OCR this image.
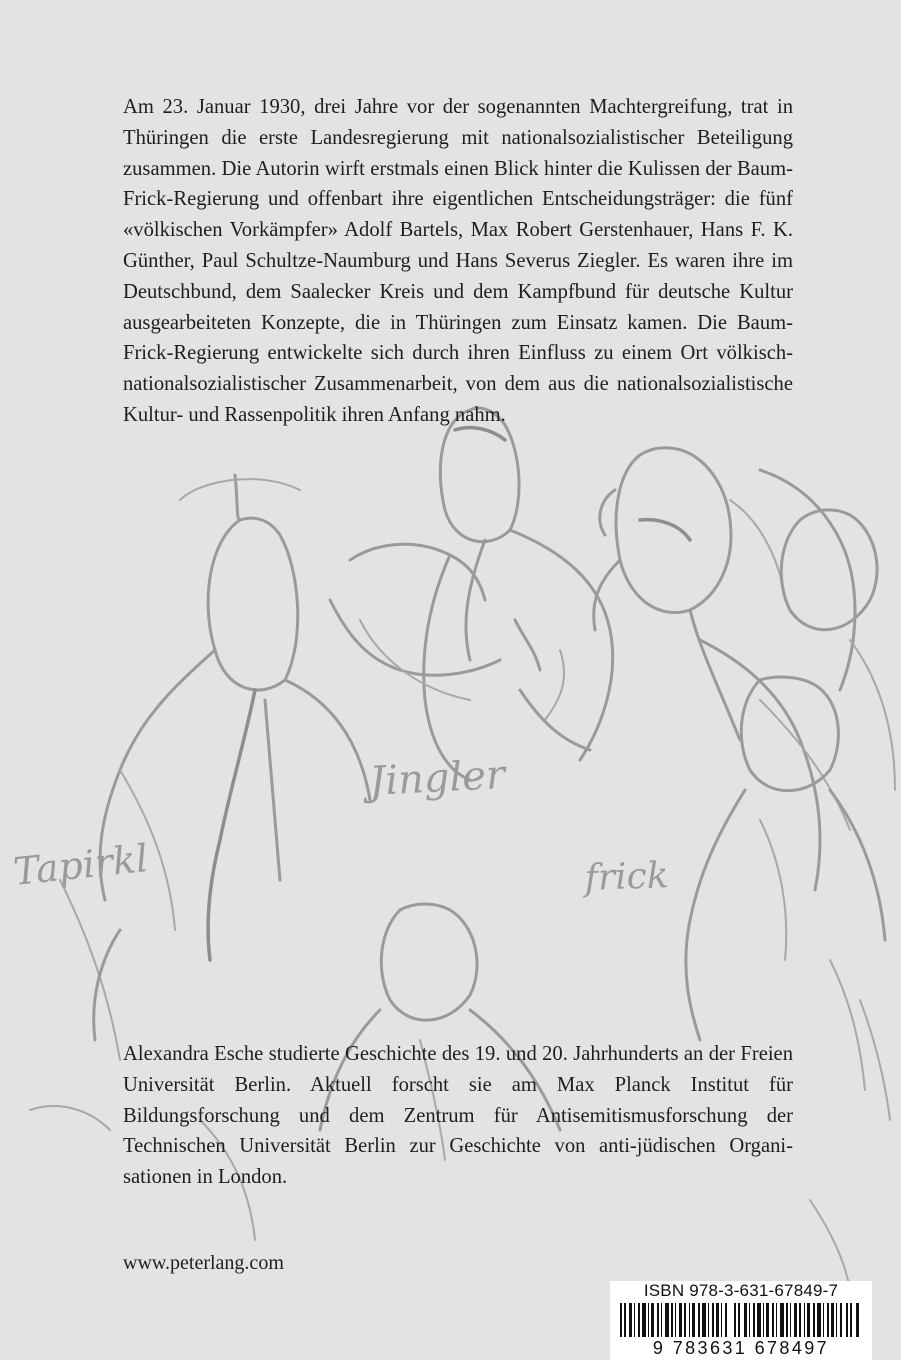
Jingler
Tapirkl	frick

Am 23. Januar 1930, drei Jahre vor der sogenannten Machtergreifung, trat in Thüringen die erste Landesregierung mit nationalsozialistischer Beteiligung zusammen. Die Autorin wirft erstmals einen Blick hinter die Kulissen der Baum-Frick-Regierung und offenbart ihre eigentlichen Entscheidungsträger: die fünf «völkischen Vorkämpfer» Adolf Bartels, Max Robert Gerstenhauer, Hans F. K. Günther, Paul Schultze-Naumburg und Hans Severus Ziegler. Es waren ihre im Deutschbund, dem Saalecker Kreis und dem Kampfbund für deutsche Kultur ausgearbeiteten Konzepte, die in Thüringen zum Einsatz kamen. Die Baum-Frick-Regierung entwickelte sich durch ihren Einfluss zu einem Ort völkisch-nationalsozialistischer Zusammenarbeit, von dem aus die nationalsozialistische Kultur- und Rassenpolitik ihren Anfang nahm.

Alexandra Esche studierte Geschichte des 19. und 20. Jahrhunderts an der Freien Universität Berlin. Aktuell forscht sie am Max Planck Institut für Bildungsforschung und dem Zentrum für Antisemitismusforschung der Technischen Universität Berlin zur Geschichte von anti-jüdischen Organisationen in London.

www.peterlang.com

ISBN 978-3-631-67849-7
9 783631 678497
